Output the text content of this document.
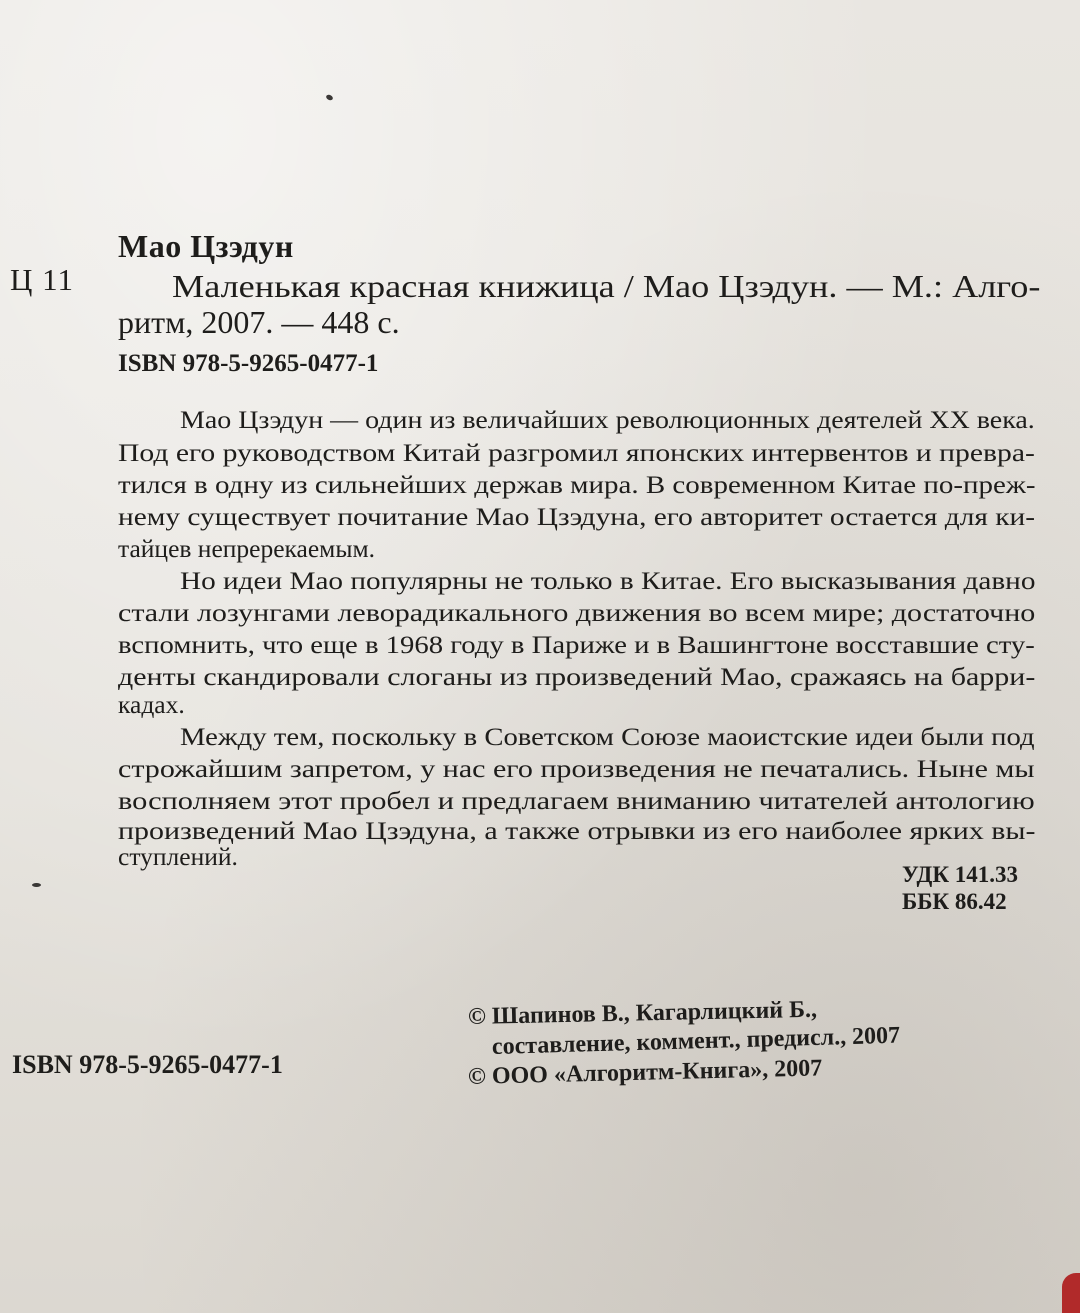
Мао Цзэдун
Ц 11	Маленькая красная книжица / Мао Цзэдун. — М.: Алго-
ритм, 2007. — 448 с.
ISBN 978-5-9265-0477-1
Мао Цзэдун — один из величайших революционных деятелей XX века.
Под его руководством Китай разгромил японских интервентов и превра-
тился в одну из сильнейших держав мира. В современном Китае по-преж-
нему существует почитание Мао Цзэдуна, его авторитет остается для ки-
тайцев непререкаемым.
Но идеи Мао популярны не только в Китае. Его высказывания давно
стали лозунгами леворадикального движения во всем мире; достаточно
вспомнить, что еще в 1968 году в Париже и в Вашингтоне восставшие сту-
денты скандировали слоганы из произведений Мао, сражаясь на барри-
кадах.
Между тем, поскольку в Советском Союзе маоистские идеи были под
строжайшим запретом, у нас его произведения не печатались. Ныне мы
восполняем этот пробел и предлагаем вниманию читателей антологию
произведений Мао Цзэдуна, а также отрывки из его наиболее ярких вы-
ступлений.
УДК 141.33
ББК 86.42
© Шапинов В., Кагарлицкий Б.,
составление, коммент., предисл., 2007
© ООО «Алгоритм-Книга», 2007
ISBN 978-5-9265-0477-1
